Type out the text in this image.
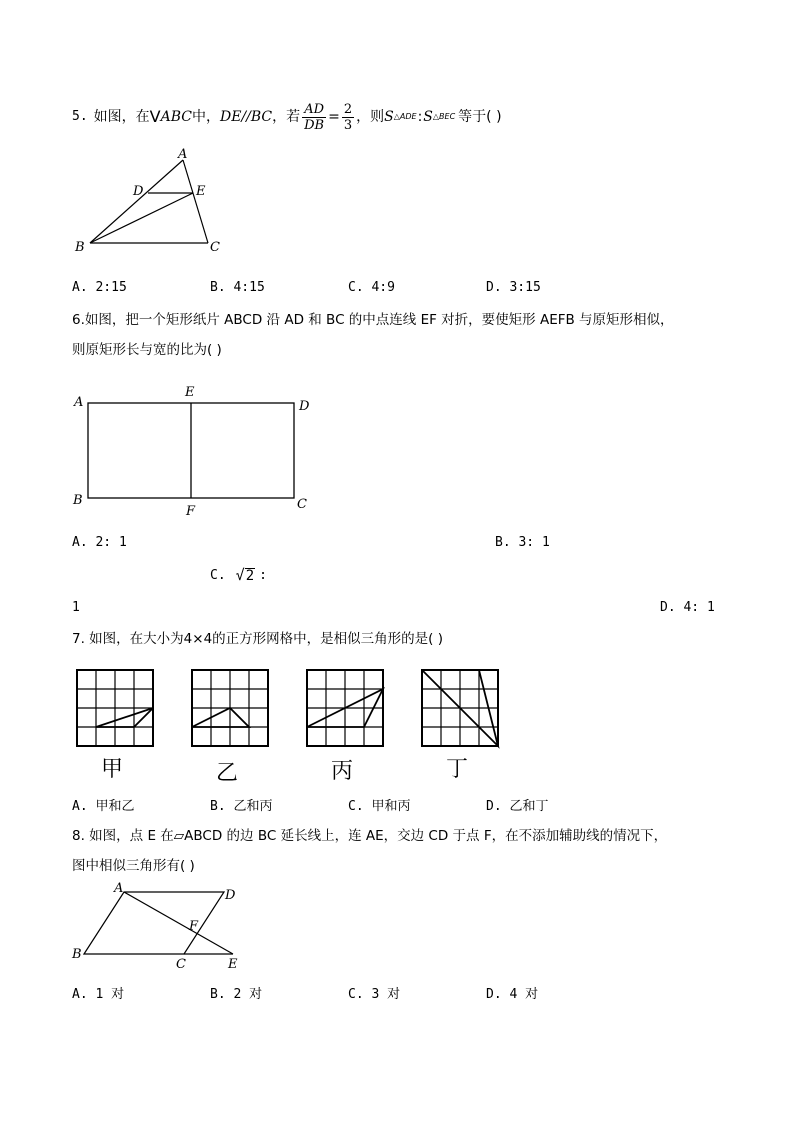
5. 如图，在 V ABC 中， DE//BC ，若 $\frac{AD}{DB} = \frac{2}{3}$ ，则 S △ADE : S △BEC 等于( )
A
D	E
B	C
A. 2:15	B. 4:15	C. 4:9	D. 3:15
6.如图，把一个矩形纸片 ABCD 沿 AD 和 BC 的中点连线 EF 对折，要使矩形 AEFB 与原矩形相似，
则原矩形长与宽的比为( )
A
E
D
B
F	C
A. 2: 1	B. 3: 1
C. √ 2 :
1	D. 4: 1
7. 如图，在大小为4×4的正方形网格中，是相似三角形的是( )
甲	乙	丙	丁
A. 甲和乙	B. 乙和丙	C. 甲和丙	D. 乙和丁
8. 如图，点 E 在▱ABCD 的边 BC 延长线上，连 AE，交边 CD 于点 F，在不添加辅助线的情况下，
图中相似三角形有( )
A	D
F
B
C	E
A. 1 对	B. 2 对	C. 3 对	D. 4 对
